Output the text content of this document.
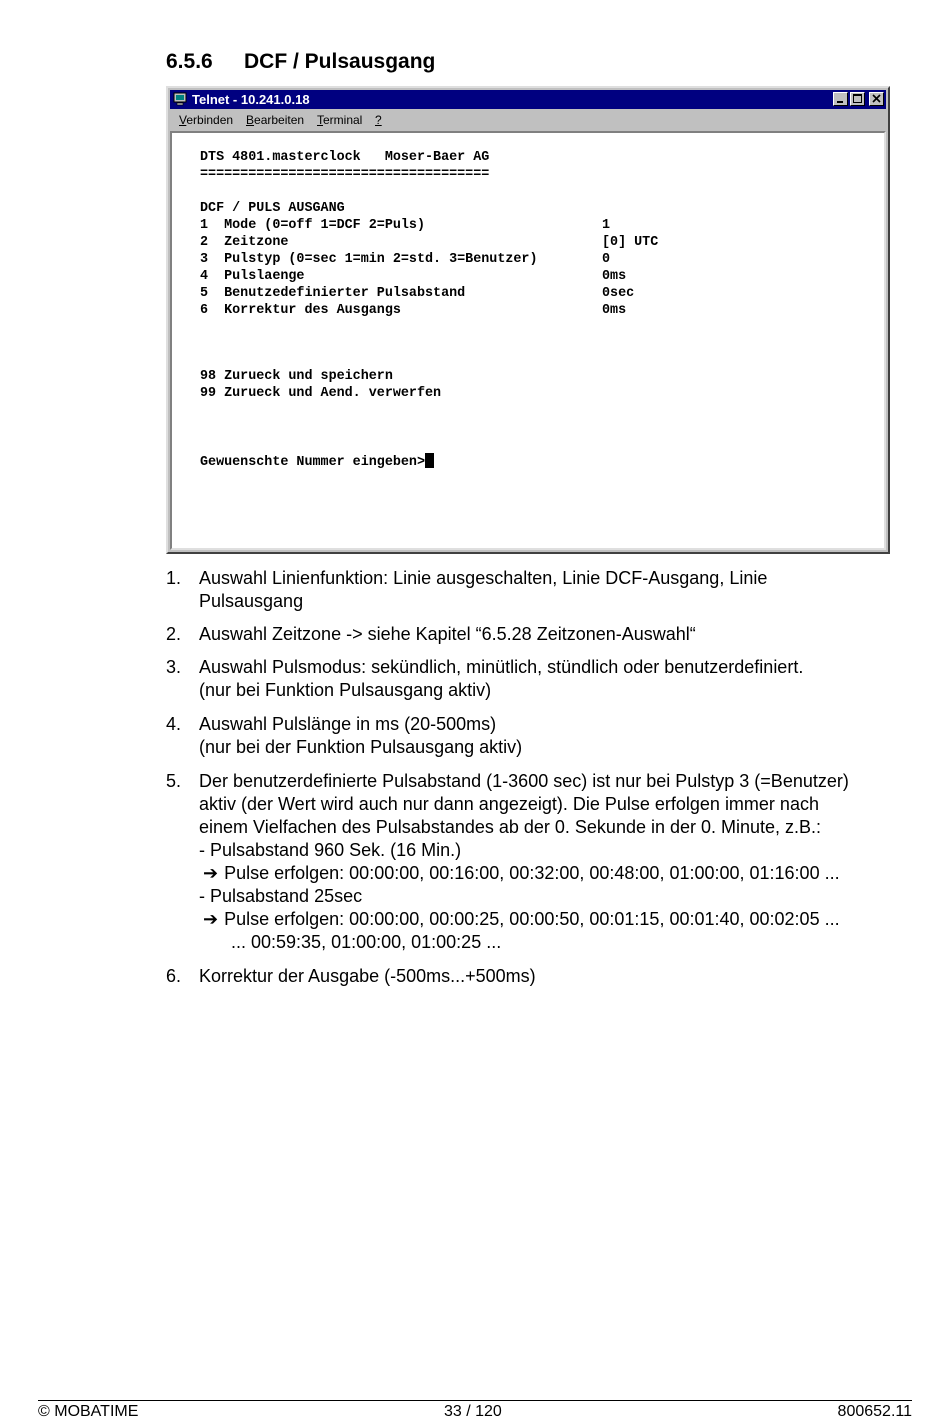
6.5.6 DCF / Pulsausgang
Telnet - 10.241.0.18
Verbinden Bearbeiten Terminal ?
DTS 4801.masterclock   Moser-Baer AG
====================================
DCF / PULS AUSGANG
1  Mode (0=off 1=DCF 2=Puls)	1
2  Zeitzone	[0] UTC
3  Pulstyp (0=sec 1=min 2=std. 3=Benutzer)	0
4  Pulslaenge	0ms
5  Benutzedefinierter Pulsabstand	0sec
6  Korrektur des Ausgangs	0ms
98 Zurueck und speichern
99 Zurueck und Aend. verwerfen
Gewuenschte Nummer eingeben>
1. Auswahl Linienfunktion: Linie ausgeschalten, Linie DCF-Ausgang, Linie
Pulsausgang
2. Auswahl Zeitzone -> siehe Kapitel “6.5.28 Zeitzonen-Auswahl“
3. Auswahl Pulsmodus: sekündlich, minütlich, stündlich oder benutzerdefiniert.
(nur bei Funktion Pulsausgang aktiv)
4. Auswahl Pulslänge in ms (20-500ms)
(nur bei der Funktion Pulsausgang aktiv)
5. Der benutzerdefinierte Pulsabstand (1-3600 sec) ist nur bei Pulstyp 3 (=Benutzer)
aktiv (der Wert wird auch nur dann angezeigt). Die Pulse erfolgen immer nach
einem Vielfachen des Pulsabstandes ab der 0. Sekunde in der 0. Minute, z.B.:
- Pulsabstand 960 Sek. (16 Min.)
➔ Pulse erfolgen: 00:00:00, 00:16:00, 00:32:00, 00:48:00, 01:00:00, 01:16:00 ...
- Pulsabstand 25sec
➔ Pulse erfolgen: 00:00:00, 00:00:25, 00:00:50, 00:01:15, 00:01:40, 00:02:05 ...
... 00:59:35, 01:00:00, 01:00:25 ...
6. Korrektur der Ausgabe (-500ms...+500ms)
© MOBATIME	33 / 120	800652.11
